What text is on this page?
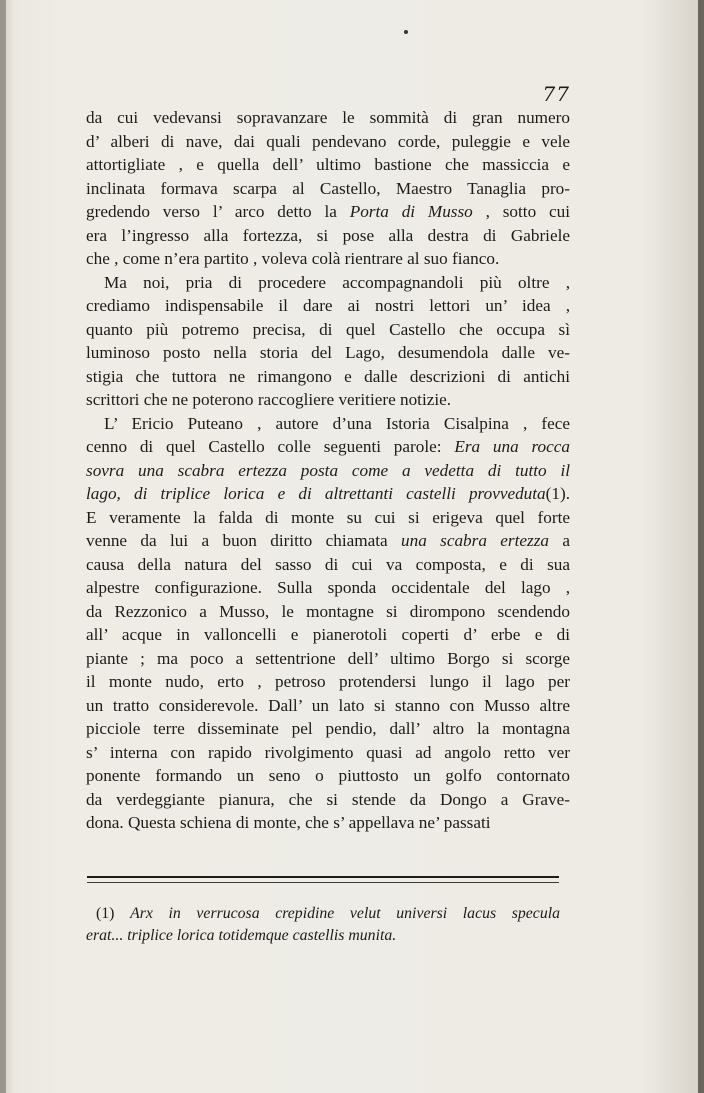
77
da cui vedevansi sopravanzare le sommità di gran numero
d’ alberi di nave, dai quali pendevano corde, puleggie e vele
attortigliate , e quella dell’ ultimo bastione che massiccia e
inclinata formava scarpa al Castello, Maestro Tanaglia pro-
gredendo verso l’ arco detto la Porta di Musso , sotto cui
era l’ingresso alla fortezza, si pose alla destra di Gabriele
che , come n’era partito , voleva colà rientrare al suo fianco.
Ma noi, pria di procedere accompagnandoli più oltre ,
crediamo indispensabile il dare ai nostri lettori un’ idea ,
quanto più potremo precisa, di quel Castello che occupa sì
luminoso posto nella storia del Lago, desumendola dalle ve-
stigia che tuttora ne rimangono e dalle descrizioni di antichi
scrittori che ne poterono raccogliere veritiere notizie.
L’ Ericio Puteano , autore d’una Istoria Cisalpina , fece
cenno di quel Castello colle seguenti parole: Era una rocca
sovra una scabra ertezza posta come a vedetta di tutto il
lago, di triplice lorica e di altrettanti castelli provveduta(1).
E veramente la falda di monte su cui si erigeva quel forte
venne da lui a buon diritto chiamata una scabra ertezza a
causa della natura del sasso di cui va composta, e di sua
alpestre configurazione. Sulla sponda occidentale del lago ,
da Rezzonico a Musso, le montagne si dirompono scendendo
all’ acque in valloncelli e pianerotoli coperti d’ erbe e di
piante ; ma poco a settentrione dell’ ultimo Borgo si scorge
il monte nudo, erto , petroso protendersi lungo il lago per
un tratto considerevole. Dall’ un lato si stanno con Musso altre
picciole terre disseminate pel pendio, dall’ altro la montagna
s’ interna con rapido rivolgimento quasi ad angolo retto ver
ponente formando un seno o piuttosto un golfo contornato
da verdeggiante pianura, che si stende da Dongo a Grave-
dona. Questa schiena di monte, che s’ appellava ne’ passati
(1) Arx in verrucosa crepidine velut universi lacus specula
erat... triplice lorica totidemque castellis munita.
